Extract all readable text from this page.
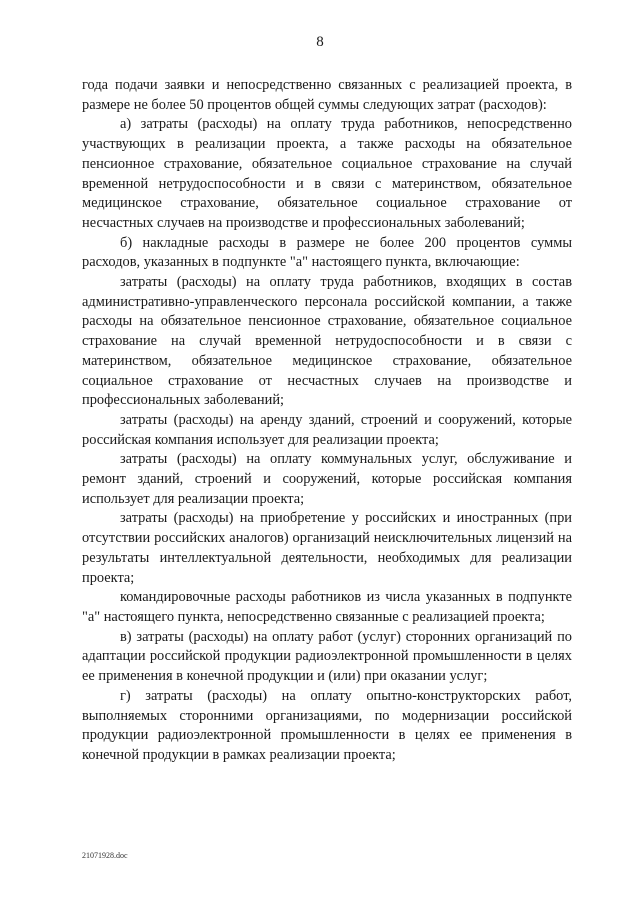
8

года подачи заявки и непосредственно связанных с реализацией проекта, в размере не более 50 процентов общей суммы следующих затрат (расходов):

а) затраты (расходы) на оплату труда работников, непосредственно участвующих в реализации проекта, а также расходы на обязательное пенсионное страхование, обязательное социальное страхование на случай временной нетрудоспособности и в связи с материнством, обязательное медицинское страхование, обязательное социальное страхование от несчастных случаев на производстве и профессиональных заболеваний;

б) накладные расходы в размере не более 200 процентов суммы расходов, указанных в подпункте "а" настоящего пункта, включающие:

затраты (расходы) на оплату труда работников, входящих в состав административно-управленческого персонала российской компании, а также расходы на обязательное пенсионное страхование, обязательное социальное страхование на случай временной нетрудоспособности и в связи с материнством, обязательное медицинское страхование, обязательное социальное страхование от несчастных случаев на производстве и профессиональных заболеваний;

затраты (расходы) на аренду зданий, строений и сооружений, которые российская компания использует для реализации проекта;

затраты (расходы) на оплату коммунальных услуг, обслуживание и ремонт зданий, строений и сооружений, которые российская компания использует для реализации проекта;

затраты (расходы) на приобретение у российских и иностранных (при отсутствии российских аналогов) организаций неисключительных лицензий на результаты интеллектуальной деятельности, необходимых для реализации проекта;

командировочные расходы работников из числа указанных в подпункте "а" настоящего пункта, непосредственно связанные с реализацией проекта;

в) затраты (расходы) на оплату работ (услуг) сторонних организаций по адаптации российской продукции радиоэлектронной промышленности в целях ее применения в конечной продукции и (или) при оказании услуг;

г) затраты (расходы) на оплату опытно-конструкторских работ, выполняемых сторонними организациями, по модернизации российской продукции радиоэлектронной промышленности в целях ее применения в конечной продукции в рамках реализации проекта;

21071928.doc
